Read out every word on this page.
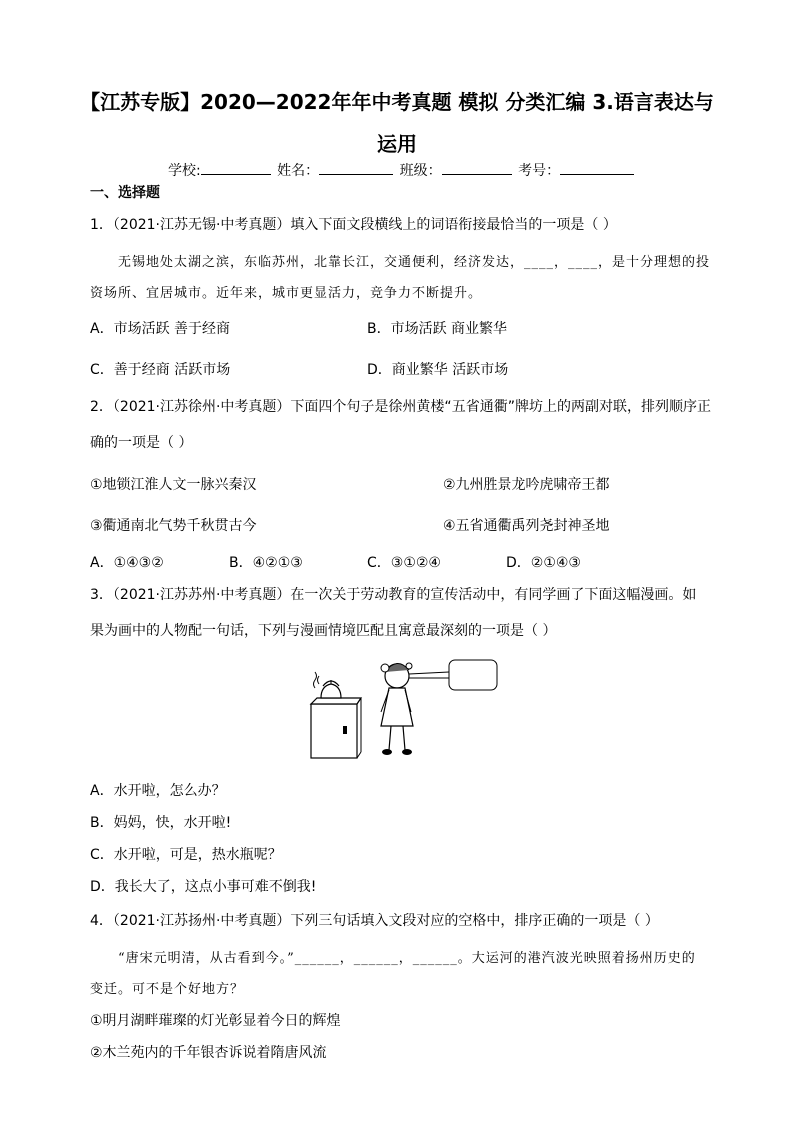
【江苏专版】2020—2022年年中考真题 模拟 分类汇编 3.语言表达与
运用
学校:	姓名：	班级：	考号：
一、选择题
1．（2021·江苏无锡·中考真题）填入下面文段横线上的词语衔接最恰当的一项是（ ）
无锡地处太湖之滨，东临苏州，北靠长江，交通便利，经济发达，____，____，是十分理想的投
资场所、宜居城市。近年来，城市更显活力，竞争力不断提升。
A．市场活跃 善于经商	B．市场活跃 商业繁华
C．善于经商 活跃市场	D．商业繁华 活跃市场
2．（2021·江苏徐州·中考真题）下面四个句子是徐州黄楼“五省通衢”牌坊上的两副对联，排列顺序正
确的一项是（ ）
①地锁江淮人文一脉兴秦汉	②九州胜景龙吟虎啸帝王都
③衢通南北气势千秋贯古今	④五省通衢禹列尧封神圣地
A．①④③②	B．④②①③	C．③①②④	D．②①④③
3．（2021·江苏苏州·中考真题）在一次关于劳动教育的宣传活动中，有同学画了下面这幅漫画。如
果为画中的人物配一句话，下列与漫画情境匹配且寓意最深刻的一项是（ ）
A．水开啦，怎么办？
B．妈妈，快，水开啦!
C．水开啦，可是，热水瓶呢？
D．我长大了，这点小事可难不倒我!
4．（2021·江苏扬州·中考真题）下列三句话填入文段对应的空格中，排序正确的一项是（ ）
“唐宋元明清，从古看到今。”______，______，______。大运河的港汽波光映照着扬州历史的
变迁。可不是个好地方？
①明月湖畔璀璨的灯光彰显着今日的辉煌
②木兰苑内的千年银杏诉说着隋唐风流
